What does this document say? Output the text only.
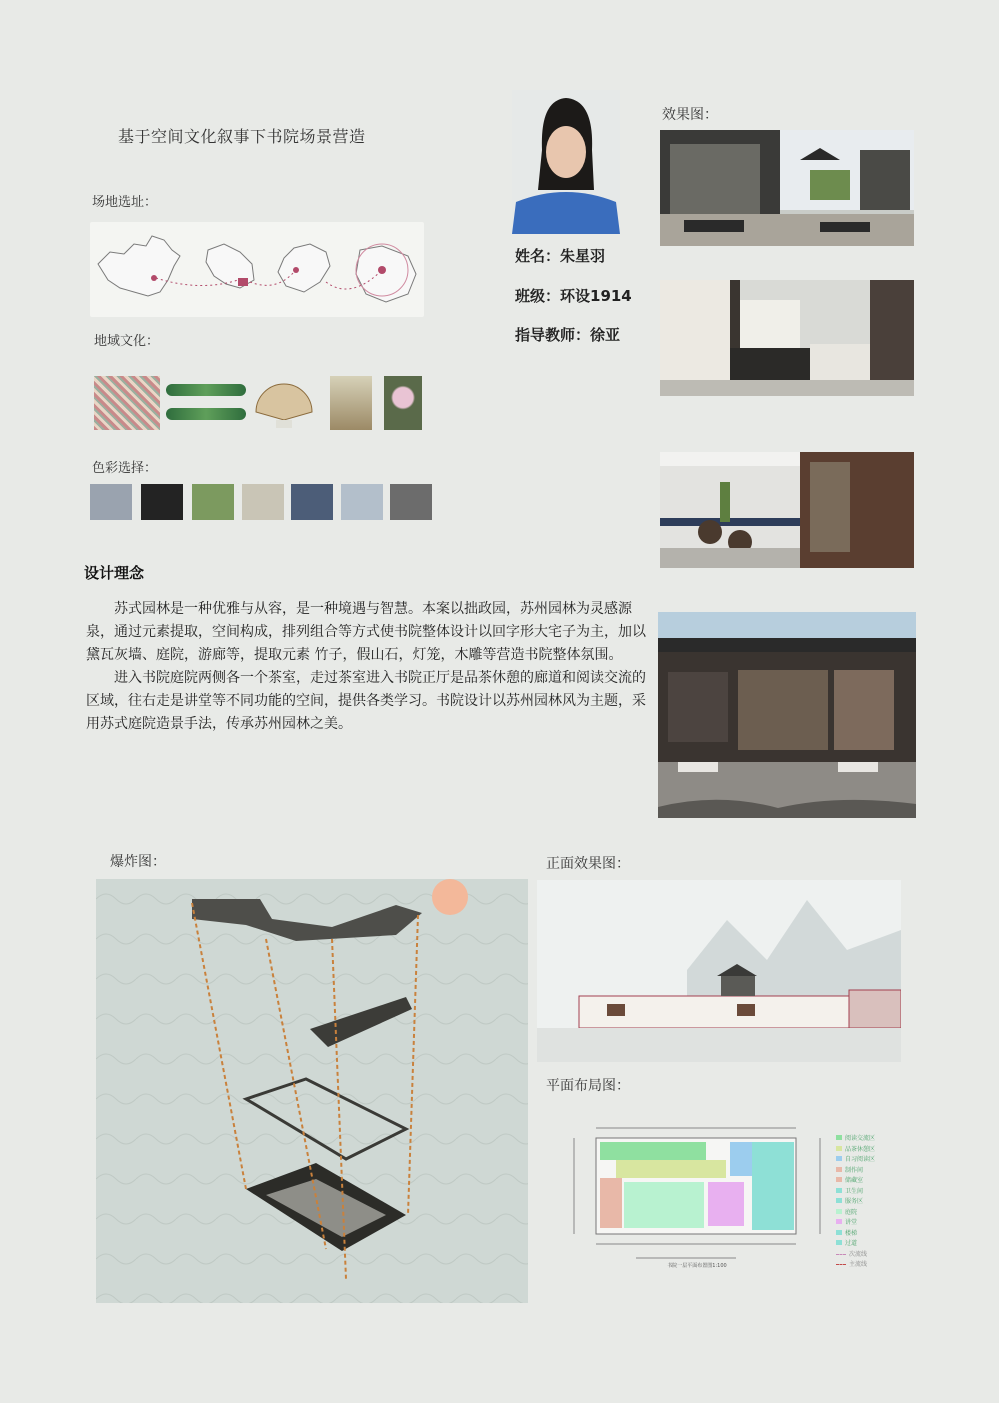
基于空间文化叙事下书院场景营造
场地选址：
地域文化：
色彩选择：
姓名：朱星羽
班级：环设1914
指导教师：徐亚
效果图：
设计理念

苏式园林是一种优雅与从容，是一种境遇与智慧。本案以拙政园，苏州园林为灵感源泉，通过元素提取，空间构成，排列组合等方式使书院整体设计以回字形大宅子为主，加以黛瓦灰墙、庭院，游廊等，提取元素 竹子，假山石，灯笼，木雕等营造书院整体氛围。

进入书院庭院两侧各一个茶室，走过茶室进入书院正厅是品茶休憩的廊道和阅读交流的区域，往右走是讲堂等不同功能的空间，提供各类学习。书院设计以苏州园林风为主题，采用苏式庭院造景手法，传承苏州园林之美。

爆炸图：	正面效果图：
平面布局图：
书院一层平面布置图1:100
阅读交流区
品茶休憩区
自习阅读区
制作间
储藏室
卫生间
服务区
庭院
讲堂
楼梯
过道
次流线
主流线
